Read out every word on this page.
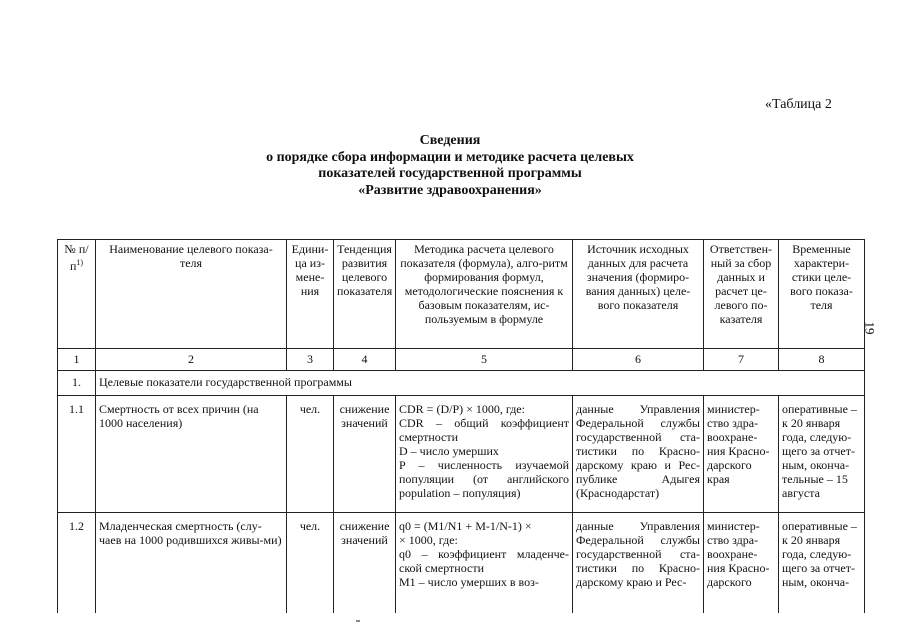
«Таблица 2
Сведения
о порядке сбора информации и методике расчета целевых
показателей государственной программы
«Развитие здравоохранения»
19
№ $п/п^{1)}$	Наименование целевого показа-теля	Едини-ца из-мене-ния	Тенденция развития целевого показателя	Методика расчета целевого показателя (формула), алго-ритм формирования формул, методологические пояснения к базовым показателям, ис-пользуемым в формуле	Источник исходных данных для расчета значения (формиро-вания данных) целе-вого показателя	Ответствен-ный за сбор данных и расчет це-левого по-казателя	Временные характери-стики целе-вого показа-теля
1	2	3	4	5	6	7	8
1.	Целевые показатели государственной программы						
1.1	Смертность от всех причин (на 1000 населения)	чел.	снижение значений	CDR = (D/P) × 1000, где:
CDR – общий коэффициент смертности

D – число умерших
P – численность изучаемой популяции (от английского population – популяция)	данные Управления Федеральной службы государственной ста-тистики по Красно-дарскому краю и Рес-публике Адыгея (Краснодарстат)	министер-ство здра-воохране-ния Красно-дарского края	оперативные – к 20 января года, следую-щего за отчет-ным, оконча-тельные – 15 августа
1.2	Младенческая смертность (слу-чаев на 1000 родившихся живы-ми)	чел.	снижение значений	q0 = (M1/N1 + M-1/N-1) ×
× 1000, где:
q0 – коэффициент младенче-ской смертности
M1 – число умерших в воз-	данные Управления Федеральной службы государственной ста-тистики по Красно-дарскому краю и Рес-	министер-ство здра-воохране-ния Красно-дарского	оперативные – к 20 января года, следую-щего за отчет-ным, оконча-
